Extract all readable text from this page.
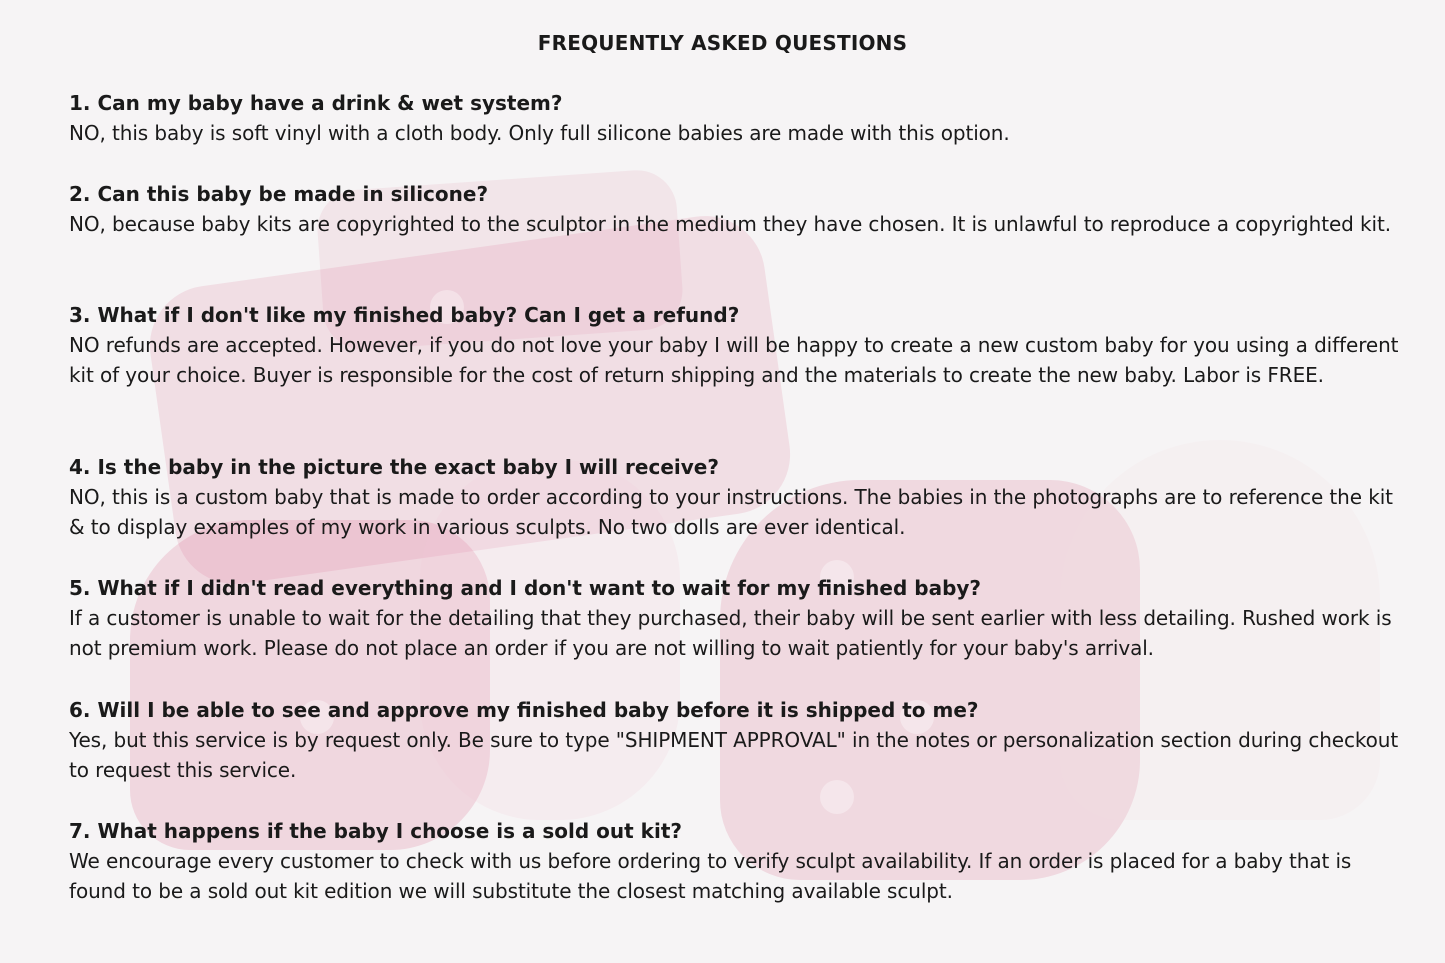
FREQUENTLY ASKED QUESTIONS

1. Can my baby have a drink & wet system?

NO, this baby is soft vinyl with a cloth body. Only full silicone babies are made with this option.

2. Can this baby be made in silicone?

NO, because baby kits are copyrighted to the sculptor in the medium they have chosen. It is unlawful to reproduce a copyrighted kit.

3. What if I don't like my finished baby? Can I get a refund?

NO refunds are accepted. However, if you do not love your baby I will be happy to create a new custom baby for you using a different kit of your choice. Buyer is responsible for the cost of return shipping and the materials to create the new baby. Labor is FREE.

4. Is the baby in the picture the exact baby I will receive?

NO, this is a custom baby that is made to order according to your instructions. The babies in the photographs are to reference the kit & to display examples of my work in various sculpts. No two dolls are ever identical.

5. What if I didn't read everything and I don't want to wait for my finished baby?

If a customer is unable to wait for the detailing that they purchased, their baby will be sent earlier with less detailing. Rushed work is not premium work. Please do not place an order if you are not willing to wait patiently for your baby's arrival.

6. Will I be able to see and approve my finished baby before it is shipped to me?

Yes, but this service is by request only. Be sure to type "SHIPMENT APPROVAL" in the notes or personalization section during checkout to request this service.

7. What happens if the baby I choose is a sold out kit?

We encourage every customer to check with us before ordering to verify sculpt availability. If an order is placed for a baby that is found to be a sold out kit edition we will substitute the closest matching available sculpt.
